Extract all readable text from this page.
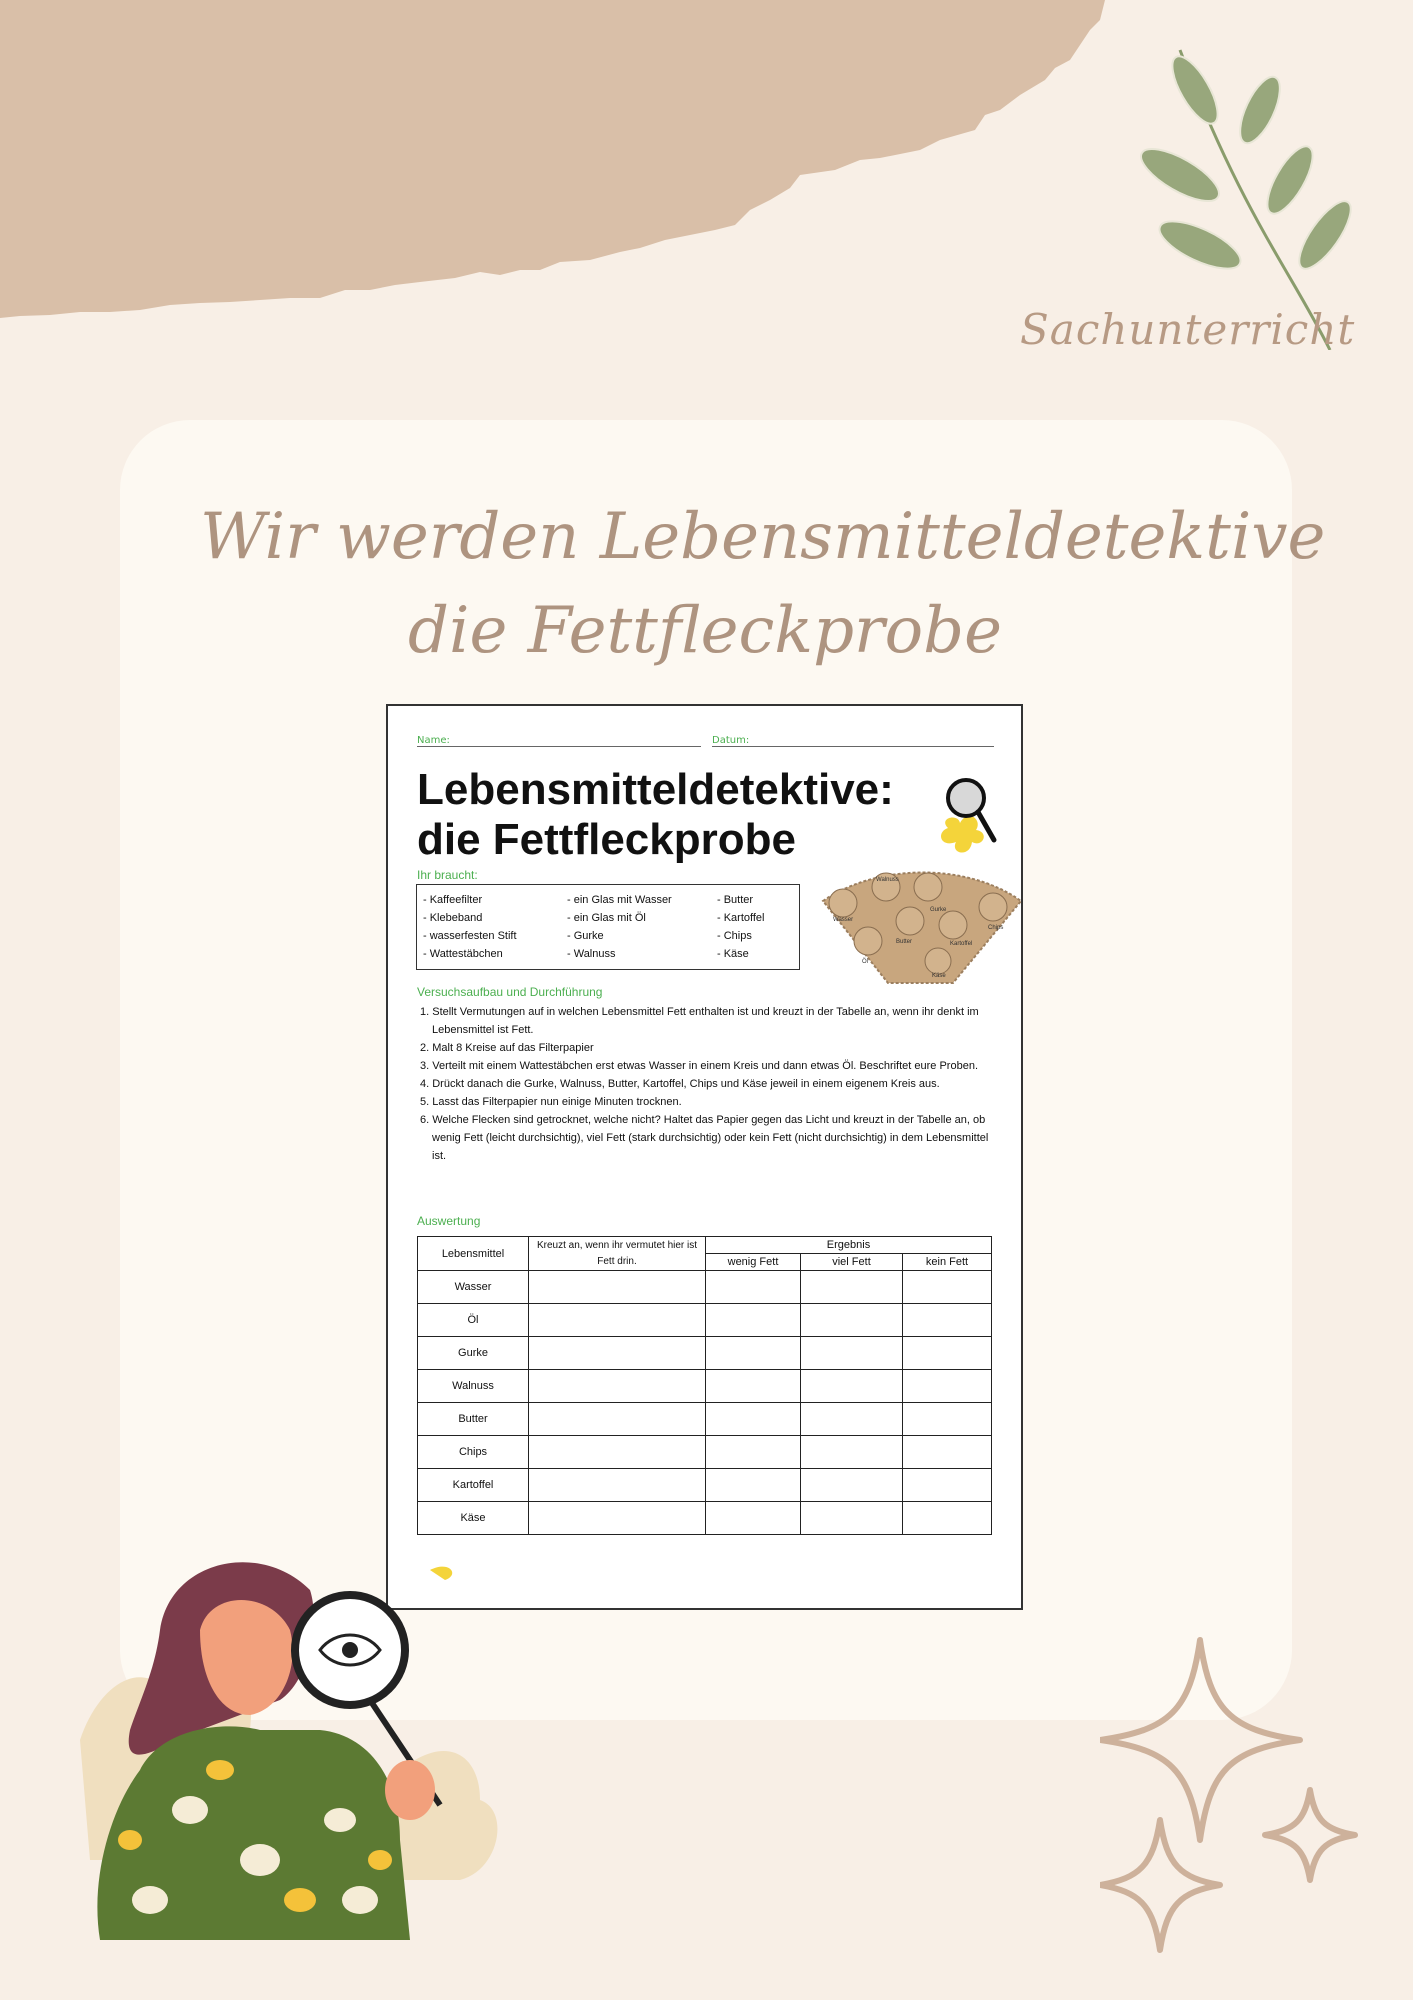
Sachunterricht
Wir werden Lebensmitteldetektive
die Fettfleckprobe
Name:	Datum:
Lebensmitteldetektive:
die Fettfleckprobe
Ihr braucht:
- Kaffeefilter
- Klebeband
- wasserfesten Stift
- Wattestäbchen
- ein Glas mit Wasser
- ein Glas mit Öl
- Gurke
- Walnuss
- Butter
- Kartoffel
- Chips
- Käse
Walnuss
Gurke
Wasser
Butter
Chips
Kartoffel
Öl
Käse
Versuchsaufbau und Durchführung
1. Stellt Vermutungen auf in welchen Lebensmittel Fett enthalten ist und kreuzt in der Tabelle an, wenn ihr denkt im Lebensmittel ist Fett.
2. Malt 8 Kreise auf das Filterpapier
3. Verteilt mit einem Wattestäbchen erst etwas Wasser in einem Kreis und dann etwas Öl. Beschriftet eure Proben.
4. Drückt danach die Gurke, Walnuss, Butter, Kartoffel, Chips und Käse jeweil in einem eigenem Kreis aus.
5. Lasst das Filterpapier nun einige Minuten trocknen.
6. Welche Flecken sind getrocknet, welche nicht? Haltet das Papier gegen das Licht und kreuzt in der Tabelle an, ob wenig Fett (leicht durchsichtig), viel Fett (stark durchsichtig) oder kein Fett (nicht durchsichtig) in dem Lebensmittel ist.
Auswertung
Lebensmittel	Kreuzt an, wenn ihr vermutet hier ist Fett drin.	Ergebnis		
		wenig Fett	viel Fett	kein Fett
Wasser				
Öl				
Gurke				
Walnuss				
Butter				
Chips				
Kartoffel				
Käse				
